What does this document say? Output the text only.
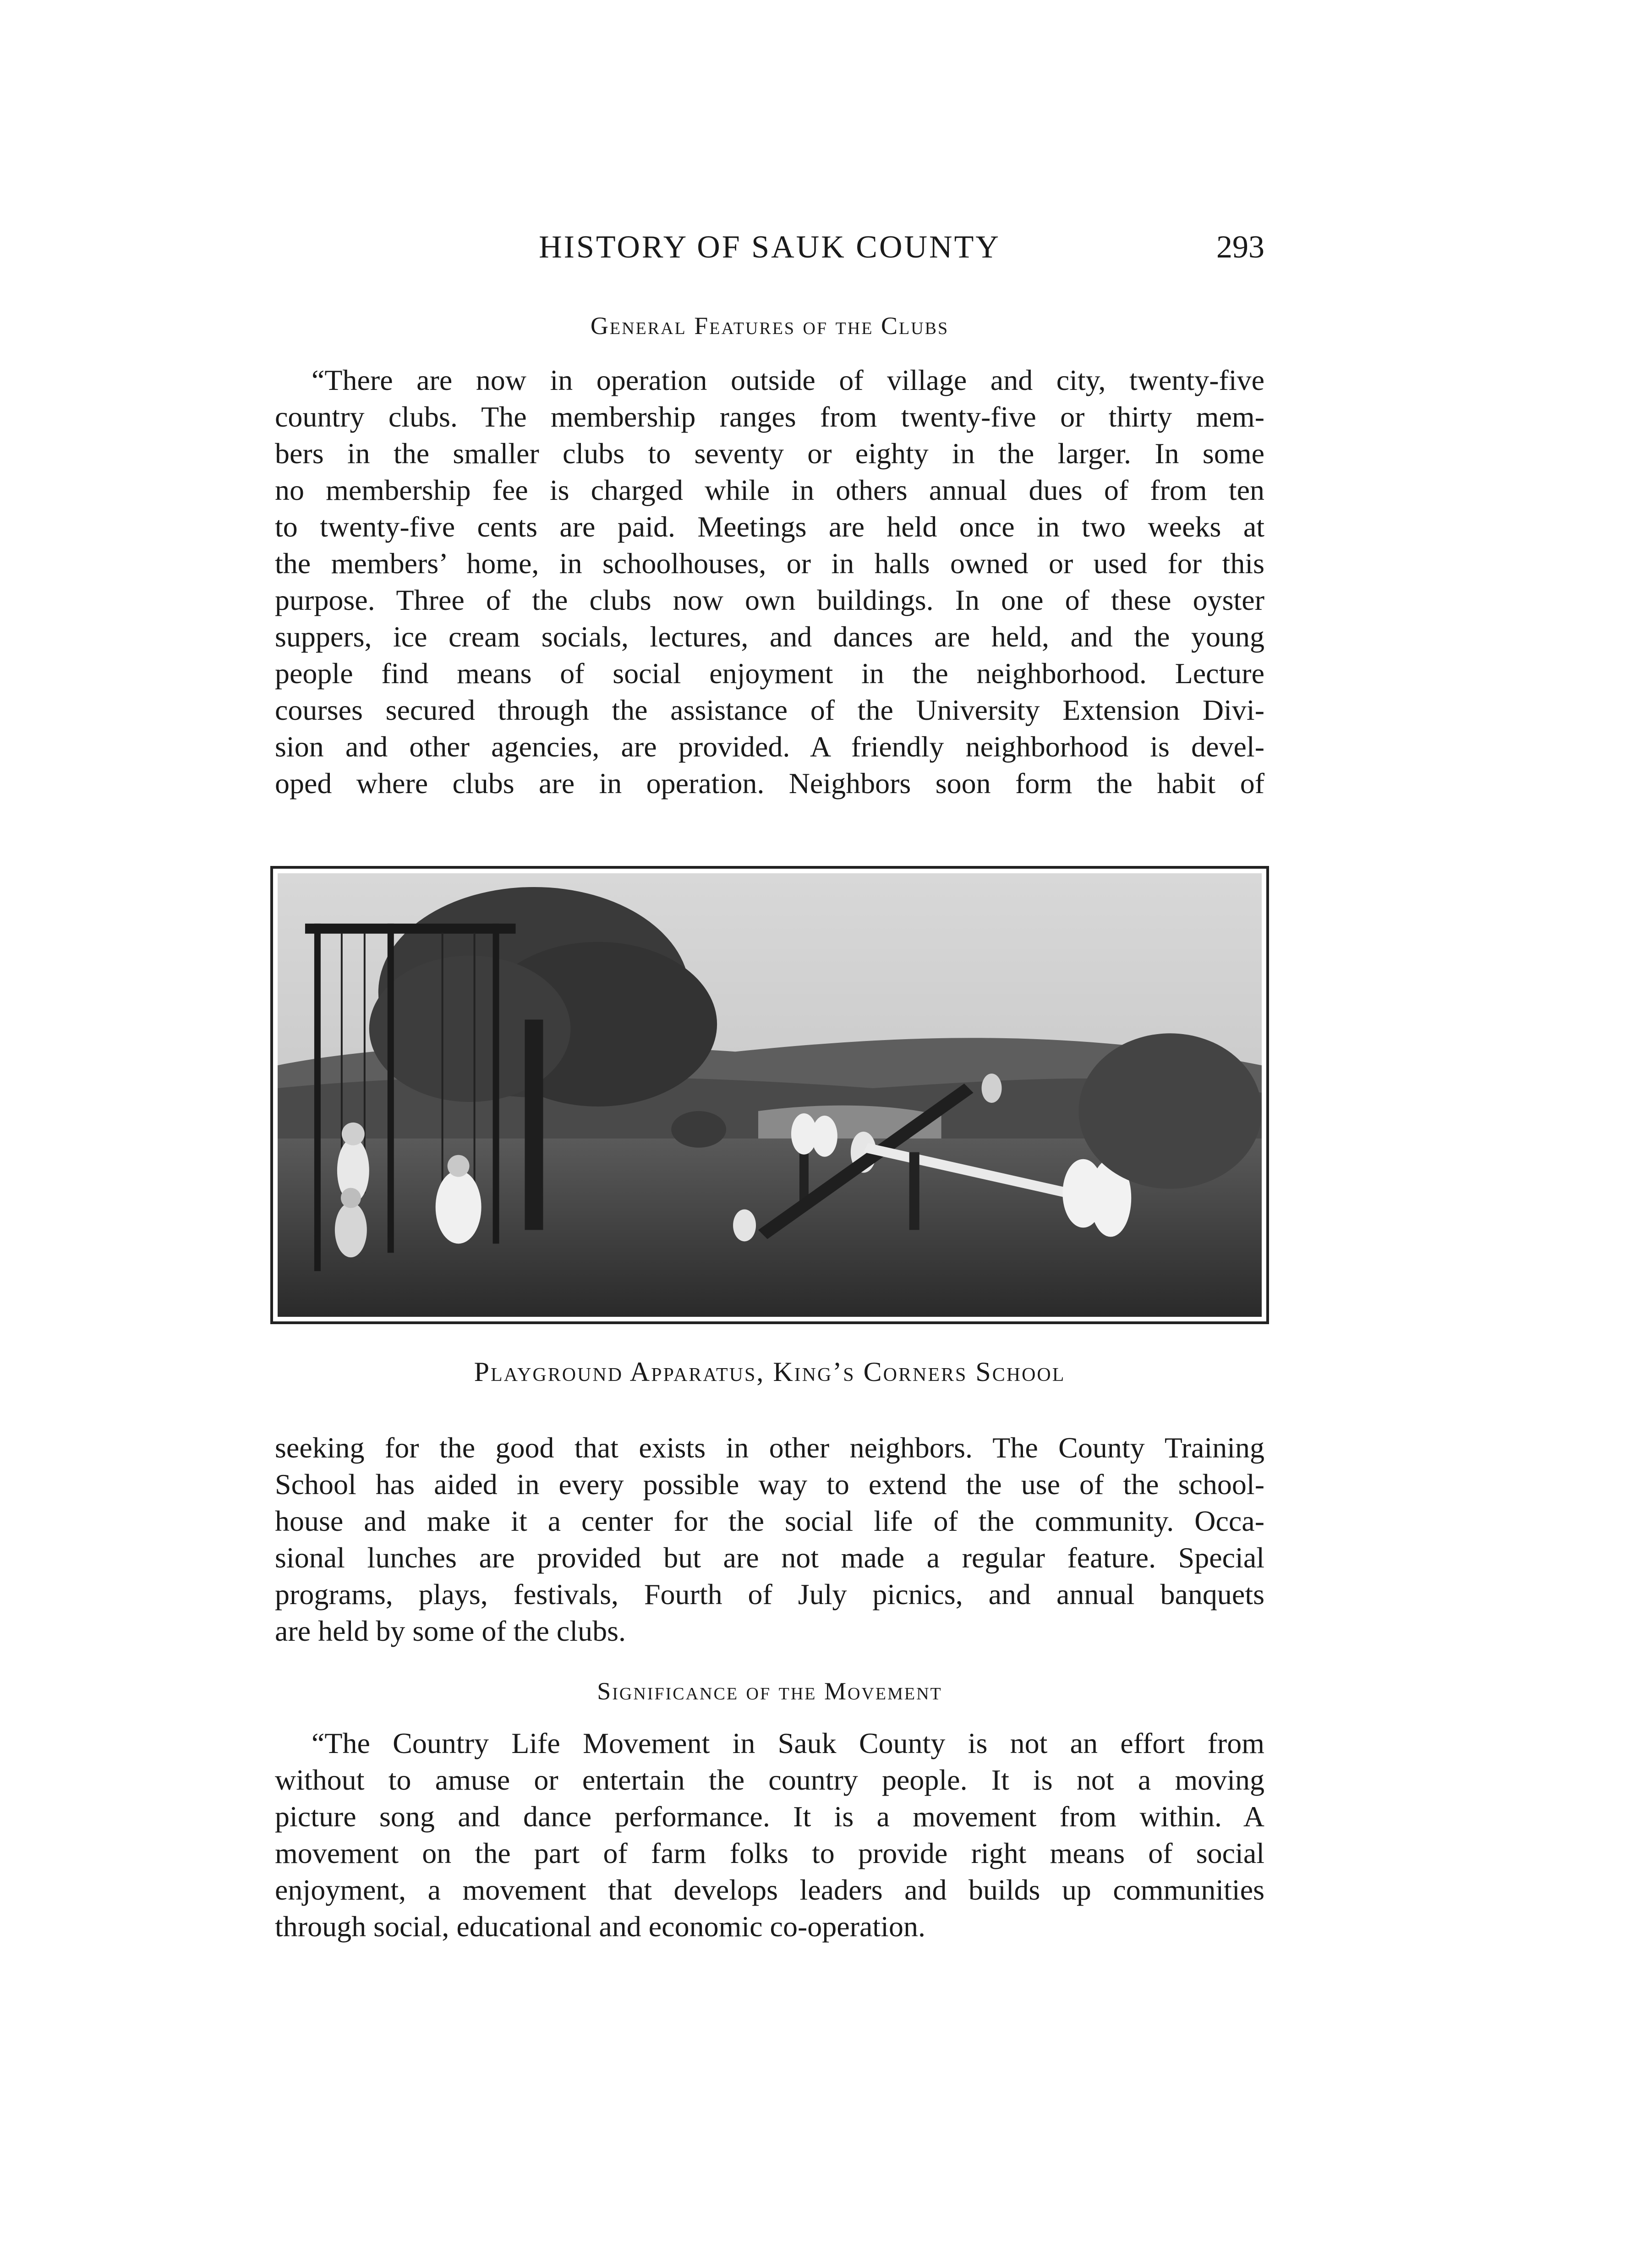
HISTORY OF SAUK COUNTY	293
General Features of the Clubs
“There are now in operation outside of village and city, twenty-five
country clubs. The membership ranges from twenty-five or thirty mem-
bers in the smaller clubs to seventy or eighty in the larger. In some
no membership fee is charged while in others annual dues of from ten
to twenty-five cents are paid. Meetings are held once in two weeks at
the members’ home, in schoolhouses, or in halls owned or used for this
purpose. Three of the clubs now own buildings. In one of these oyster
suppers, ice cream socials, lectures, and dances are held, and the young
people find means of social enjoyment in the neighborhood. Lecture
courses secured through the assistance of the University Extension Divi-
sion and other agencies, are provided. A friendly neighborhood is devel-
oped where clubs are in operation. Neighbors soon form the habit of
Playground Apparatus, King’s Corners School
seeking for the good that exists in other neighbors. The County Training
School has aided in every possible way to extend the use of the school-
house and make it a center for the social life of the community. Occa-
sional lunches are provided but are not made a regular feature. Special
programs, plays, festivals, Fourth of July picnics, and annual banquets
are held by some of the clubs.
Significance of the Movement
“The Country Life Movement in Sauk County is not an effort from
without to amuse or entertain the country people. It is not a moving
picture song and dance performance. It is a movement from within. A
movement on the part of farm folks to provide right means of social
enjoyment, a movement that develops leaders and builds up communities
through social, educational and economic co-operation.
